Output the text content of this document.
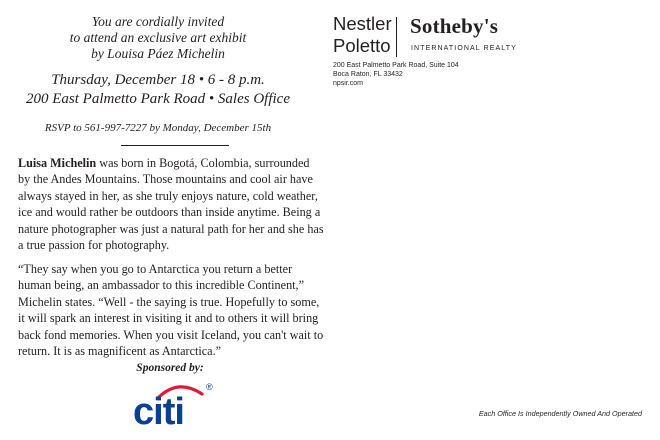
You are cordially invited
to attend an exclusive art exhibit
by Louisa Páez Michelin
Thursday, December 18 • 6 - 8 p.m.
200 East Palmetto Park Road • Sales Office
RSVP to 561-997-7227 by Monday, December 15th
Luisa Michelin was born in Bogotá, Colombia, surrounded by the Andes Mountains. Those mountains and cool air have always stayed in her, as she truly enjoys nature, cold weather, ice and would rather be outdoors than inside anytime. Being a nature photographer was just a natural path for her and she has a true passion for photography.
“They say when you go to Antarctica you return a better human being, an ambassador to this incredible Continent,” Michelin states. “Well - the saying is true. Hopefully to some, it will spark an interest in visiting it and to others it will bring back fond memories. When you visit Iceland, you can't wait to return. It is as magnificent as Antarctica.”
Sponsored by:
citi
®
Nestler
Poletto
Sotheby's
INTERNATIONAL REALTY
200 East Palmetto Park Road, Suite 104
Boca Raton, FL 33432
npsir.com
Each Office Is Independently Owned And Operated
